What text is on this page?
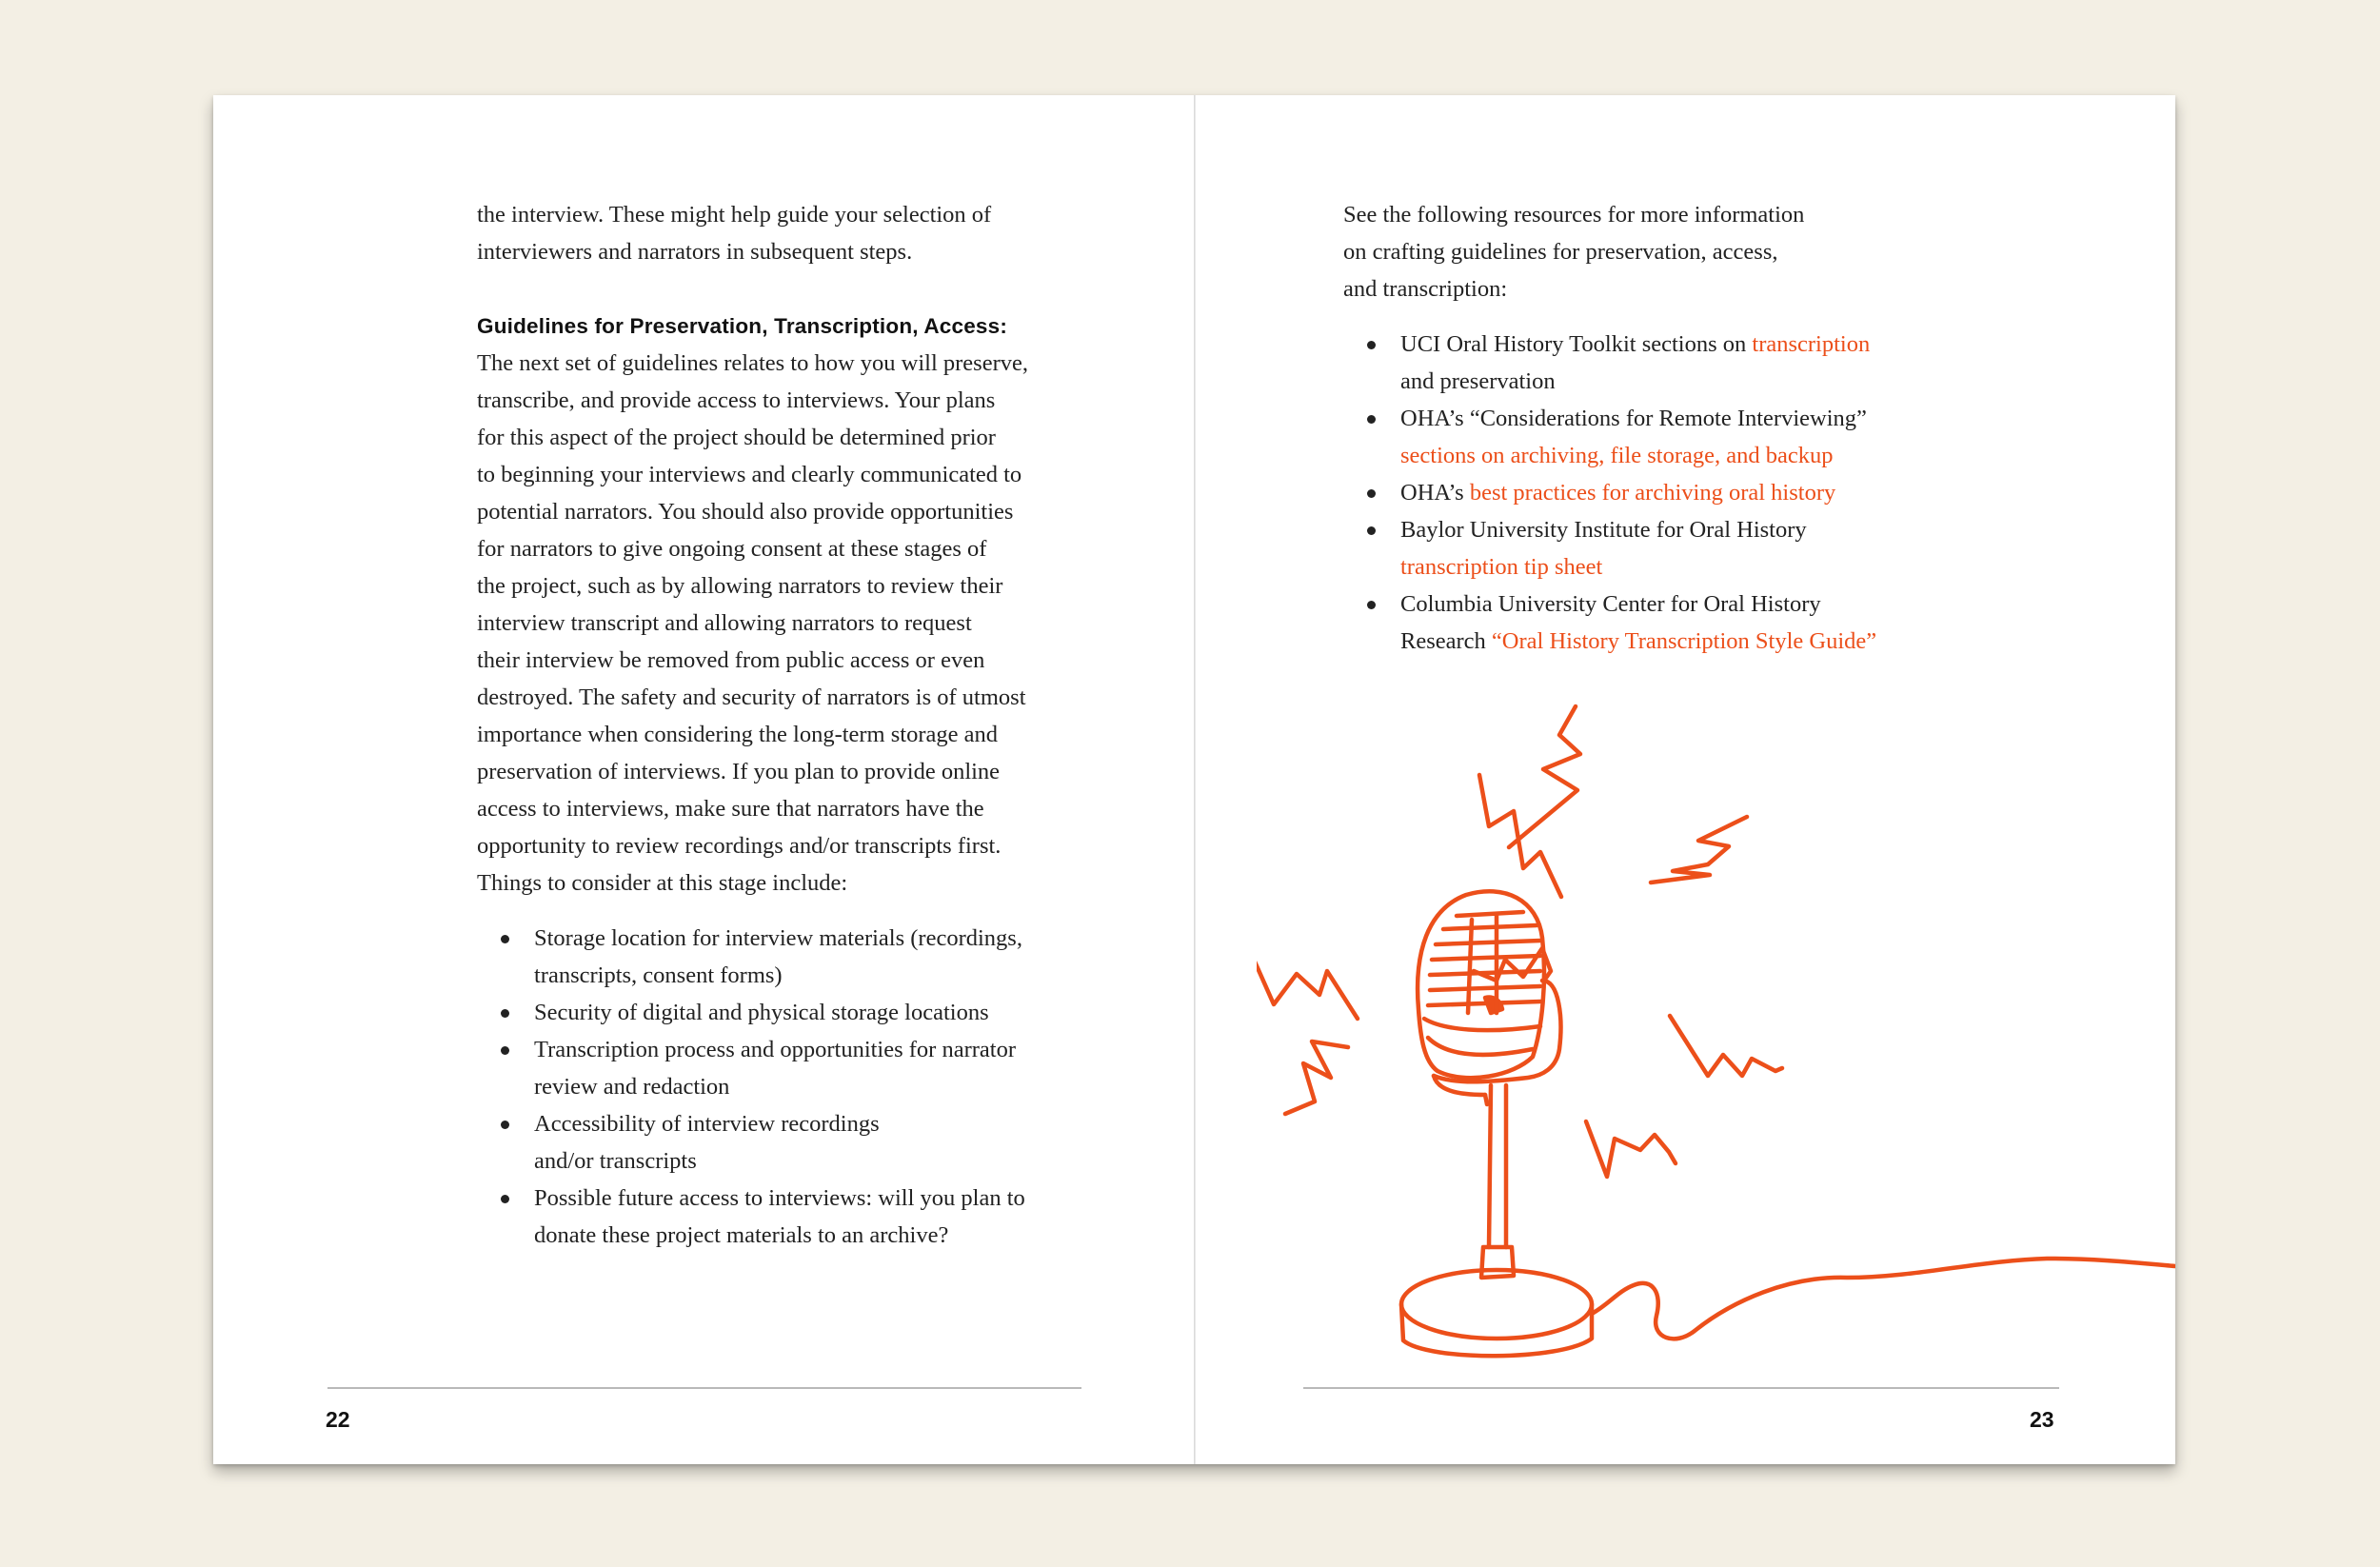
the interview. These might help guide your selection of

interviewers and narrators in subsequent steps.

Guidelines for Preservation, Transcription, Access:

The next set of guidelines relates to how you will preserve,

transcribe, and provide access to interviews. Your plans

for this aspect of the project should be determined prior

to beginning your interviews and clearly communicated to

potential narrators. You should also provide opportunities

for narrators to give ongoing consent at these stages of

the project, such as by allowing narrators to review their

interview transcript and allowing narrators to request

their interview be removed from public access or even

destroyed. The safety and security of narrators is of utmost

importance when considering the long-term storage and

preservation of interviews. If you plan to provide online

access to interviews, make sure that narrators have the

opportunity to review recordings and/or transcripts first.

Things to consider at this stage include:

Storage location for interview materials (recordings,
transcripts, consent forms)
Security of digital and physical storage locations
Transcription process and opportunities for narrator
review and redaction
Accessibility of interview recordings
and/or transcripts
Possible future access to interviews: will you plan to
donate these project materials to an archive?
22

See the following resources for more information

on crafting guidelines for preservation, access,

and transcription:

UCI Oral History Toolkit sections on transcription
and preservation
OHA’s “Considerations for Remote Interviewing”
sections on archiving, file storage, and backup
OHA’s best practices for archiving oral history
Baylor University Institute for Oral History
transcription tip sheet
Columbia University Center for Oral History
Research “Oral History Transcription Style Guide”
23
